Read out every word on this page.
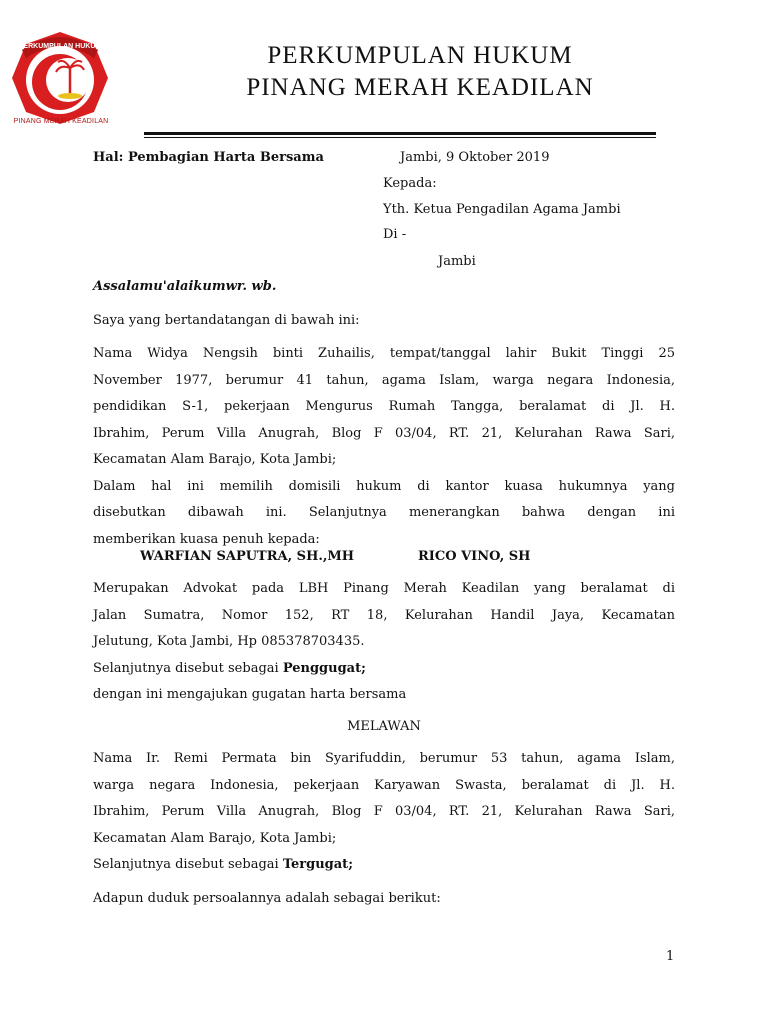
PERKUMPULAN HUKUM
PINANG MERAH KEADILAN
PERKUMPULAN HUKUM
PINANG MERAH KEADILAN
Hal: Pembagian Harta Bersama	Jambi, 9 Oktober 2019
Kepada:
Yth. Ketua Pengadilan Agama Jambi
Di -
Jambi
Assalamu'alaikumwr. wb.
Saya yang bertandatangan di bawah ini:
Nama Widya Nengsih binti Zuhailis, tempat/tanggal lahir Bukit Tinggi 25
November 1977, berumur 41 tahun, agama Islam, warga negara Indonesia,
pendidikan S-1, pekerjaan Mengurus Rumah Tangga, beralamat di Jl. H.
Ibrahim, Perum Villa Anugrah, Blog F 03/04, RT. 21, Kelurahan Rawa Sari,
Kecamatan Alam Barajo, Kota Jambi;
Dalam hal ini memilih domisili hukum di kantor kuasa hukumnya yang
disebutkan dibawah ini. Selanjutnya menerangkan bahwa dengan ini
memberikan kuasa penuh kepada:
WARFIAN SAPUTRA, SH.,MH	RICO VINO, SH
Merupakan Advokat pada LBH Pinang Merah Keadilan yang beralamat di
Jalan Sumatra, Nomor 152, RT 18, Kelurahan Handil Jaya, Kecamatan
Jelutung, Kota Jambi, Hp 085378703435.
Selanjutnya disebut sebagai Penggugat;
dengan ini mengajukan gugatan harta bersama
MELAWAN
Nama Ir. Remi Permata bin Syarifuddin, berumur 53 tahun, agama Islam,
warga negara Indonesia, pekerjaan Karyawan Swasta, beralamat di Jl. H.
Ibrahim, Perum Villa Anugrah, Blog F 03/04, RT. 21, Kelurahan Rawa Sari,
Kecamatan Alam Barajo, Kota Jambi;
Selanjutnya disebut sebagai Tergugat;
Adapun duduk persoalannya adalah sebagai berikut:
1
